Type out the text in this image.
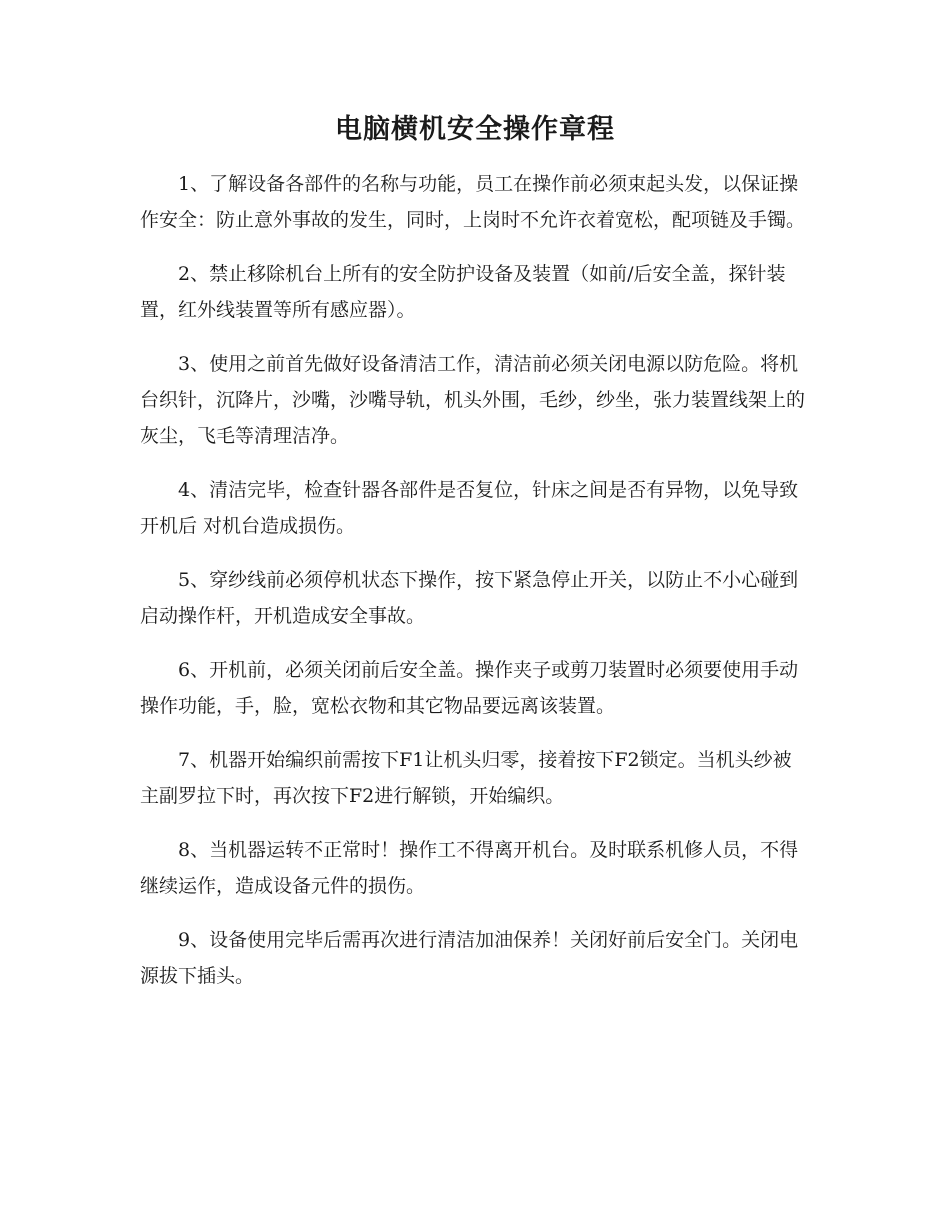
电脑横机安全操作章程

1、了解设备各部件的名称与功能，员工在操作前必须束起头发，以保证操作安全：防止意外事故的发生，同时，上岗时不允许衣着宽松，配项链及手镯。

2、禁止移除机台上所有的安全防护设备及装置（如前/后安全盖，探针装置，红外线装置等所有感应器）。

3、使用之前首先做好设备清洁工作，清洁前必须关闭电源以防危险。将机台织针，沉降片，沙嘴，沙嘴导轨，机头外围，毛纱，纱坐，张力装置线架上的灰尘，飞毛等清理洁净。

4、清洁完毕，检查针器各部件是否复位，针床之间是否有异物，以免导致开机后 对机台造成损伤。

5、穿纱线前必须停机状态下操作，按下紧急停止开关，以防止不小心碰到启动操作杆，开机造成安全事故。

6、开机前，必须关闭前后安全盖。操作夹子或剪刀装置时必须要使用手动操作功能，手，脸，宽松衣物和其它物品要远离该装置。

7、机器开始编织前需按下F1让机头归零，接着按下F2锁定。当机头纱被主副罗拉下时，再次按下F2进行解锁，开始编织。

8、当机器运转不正常时！操作工不得离开机台。及时联系机修人员，不得继续运作，造成设备元件的损伤。

9、设备使用完毕后需再次进行清洁加油保养！关闭好前后安全门。关闭电源拔下插头。
